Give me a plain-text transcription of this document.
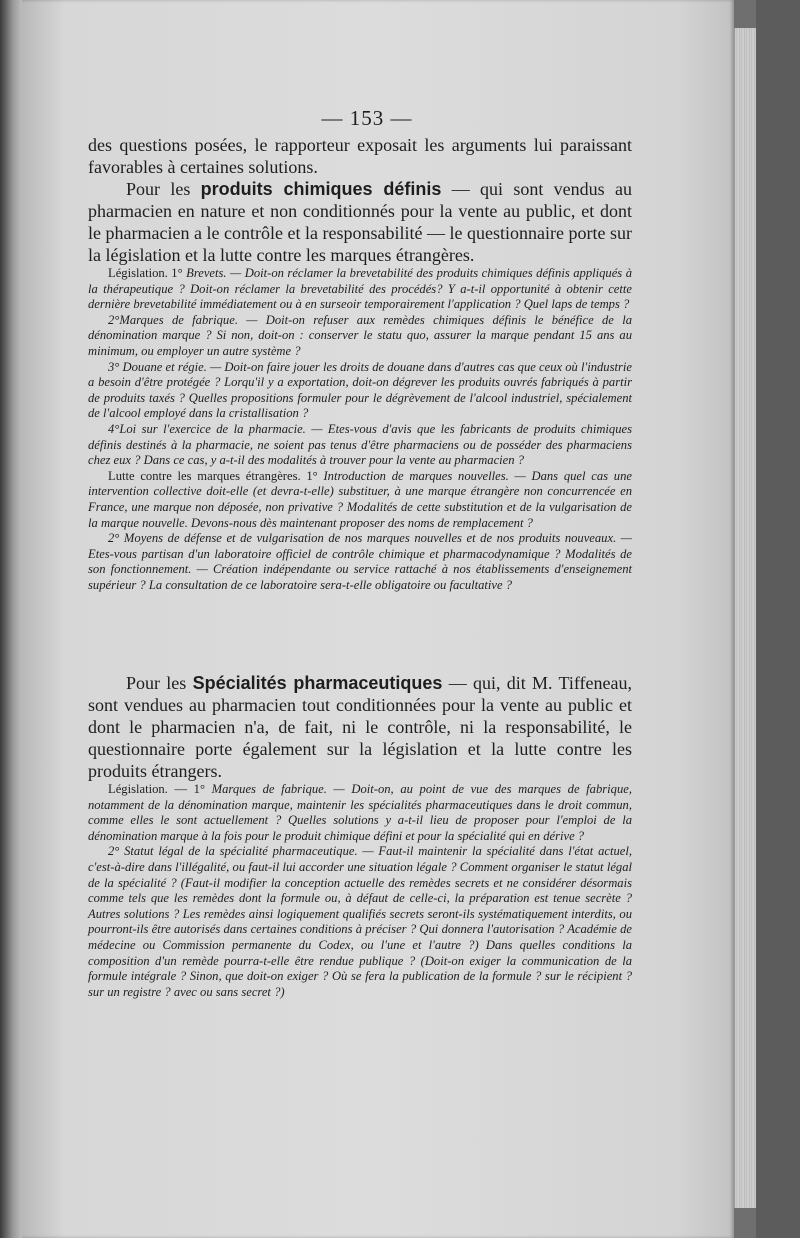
— 153 —

des questions posées, le rapporteur exposait les arguments lui paraissant favorables à certaines solutions.

Pour les produits chimiques définis — qui sont vendus au pharmacien en nature et non conditionnés pour la vente au public, et dont le pharmacien a le contrôle et la responsabilité — le questionnaire porte sur la législation et la lutte contre les marques étrangères.

Législation. 1° Brevets. — Doit-on réclamer la brevetabilité des produits chimiques définis appliqués à la thérapeutique ? Doit-on réclamer la brevetabilité des procédés? Y a-t-il opportunité à obtenir cette dernière brevetabilité immédiatement ou à en surseoir temporairement l'application ? Quel laps de temps ?

2°Marques de fabrique. — Doit-on refuser aux remèdes chimiques définis le bénéfice de la dénomination marque ? Si non, doit-on : conserver le statu quo, assurer la marque pendant 15 ans au minimum, ou employer un autre système ?

3° Douane et régie. — Doit-on faire jouer les droits de douane dans d'autres cas que ceux où l'industrie a besoin d'être protégée ? Lorqu'il y a exportation, doit-on dégrever les produits ouvrés fabriqués à partir de produits taxés ? Quelles propositions formuler pour le dégrèvement de l'alcool industriel, spécialement de l'alcool employé dans la cristallisation ?

4°Loi sur l'exercice de la pharmacie. — Etes-vous d'avis que les fabricants de produits chimiques définis destinés à la pharmacie, ne soient pas tenus d'être pharmaciens ou de posséder des pharmaciens chez eux ? Dans ce cas, y a-t-il des modalités à trouver pour la vente au pharmacien ?

Lutte contre les marques étrangères. 1° Introduction de marques nouvelles. — Dans quel cas une intervention collective doit-elle (et devra-t-elle) substituer, à une marque étrangère non concurrencée en France, une marque non déposée, non privative ? Modalités de cette substitution et de la vulgarisation de la marque nouvelle. Devons-nous dès maintenant proposer des noms de remplacement ?

2° Moyens de défense et de vulgarisation de nos marques nouvelles et de nos produits nouveaux. — Etes-vous partisan d'un laboratoire officiel de contrôle chimique et pharmacodynamique ? Modalités de son fonctionnement. — Création indépendante ou service rattaché à nos établissements d'enseignement supérieur ? La consultation de ce laboratoire sera-t-elle obligatoire ou facultative ?

Pour les Spécialités pharmaceutiques — qui, dit M. Tiffeneau, sont vendues au pharmacien tout conditionnées pour la vente au public et dont le pharmacien n'a, de fait, ni le contrôle, ni la responsabilité, le questionnaire porte également sur la législation et la lutte contre les produits étrangers.

Législation. — 1° Marques de fabrique. — Doit-on, au point de vue des marques de fabrique, notamment de la dénomination marque, maintenir les spécialités pharmaceutiques dans le droit commun, comme elles le sont actuellement ? Quelles solutions y a-t-il lieu de proposer pour l'emploi de la dénomination marque à la fois pour le produit chimique défini et pour la spécialité qui en dérive ?

2° Statut légal de la spécialité pharmaceutique. — Faut-il maintenir la spécialité dans l'état actuel, c'est-à-dire dans l'illégalité, ou faut-il lui accorder une situation légale ? Comment organiser le statut légal de la spécialité ? (Faut-il modifier la conception actuelle des remèdes secrets et ne considérer désormais comme tels que les remèdes dont la formule ou, à défaut de celle-ci, la préparation est tenue secrète ? Autres solutions ? Les remèdes ainsi logiquement qualifiés secrets seront-ils systématiquement interdits, ou pourront-ils être autorisés dans certaines conditions à préciser ? Qui donnera l'autorisation ? Académie de médecine ou Commission permanente du Codex, ou l'une et l'autre ?) Dans quelles conditions la composition d'un remède pourra-t-elle être rendue publique ? (Doit-on exiger la communication de la formule intégrale ? Sinon, que doit-on exiger ? Où se fera la publication de la formule ? sur le récipient ? sur un registre ? avec ou sans secret ?)
